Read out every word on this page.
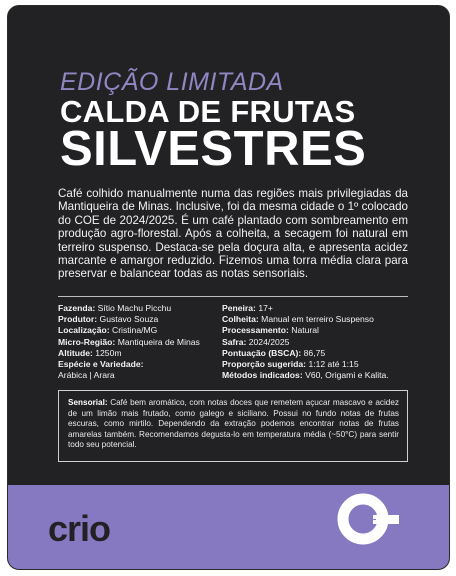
EDIÇÃO LIMITADA
CALDA DE FRUTAS
SILVESTRES
Café colhido manualmente numa das regiões mais privilegiadas da Mantiqueira de Minas. Inclusive, foi da mesma cidade o 1º colocado do COE de 2024/2025. É um café plantado com sombreamento em produção agro-florestal. Após a colheita, a secagem foi natural em terreiro suspenso. Destaca-se pela doçura alta, e apresenta acidez marcante e amargor reduzido. Fizemos uma torra média clara para preservar e balancear todas as notas sensoriais.
Fazenda: Sítio Machu Picchu
Produtor: Gustavo Souza
Localização: Cristina/MG
Micro-Região: Mantiqueira de Minas
Altitude: 1250m
Espécie e Variedade:
Arábica | Arara
Peneira: 17+
Colheita: Manual em terreiro Suspenso
Processamento: Natural
Safra: 2024/2025
Pontuação (BSCA): 86,75
Proporção sugerida: 1:12 até 1:15
Métodos indicados: V60, Origami e Kalita.
Sensorial: Café bem aromático, com notas doces que remetem açucar mascavo e acidez de um limão mais frutado, como galego e siciliano. Possui no fundo notas de frutas escuras, como mirtilo. Dependendo da extração podemos encontrar notas de frutas amarelas também. Recomendamos degusta-lo em temperatura média (~50°C) para sentir todo seu potencial.
crio
